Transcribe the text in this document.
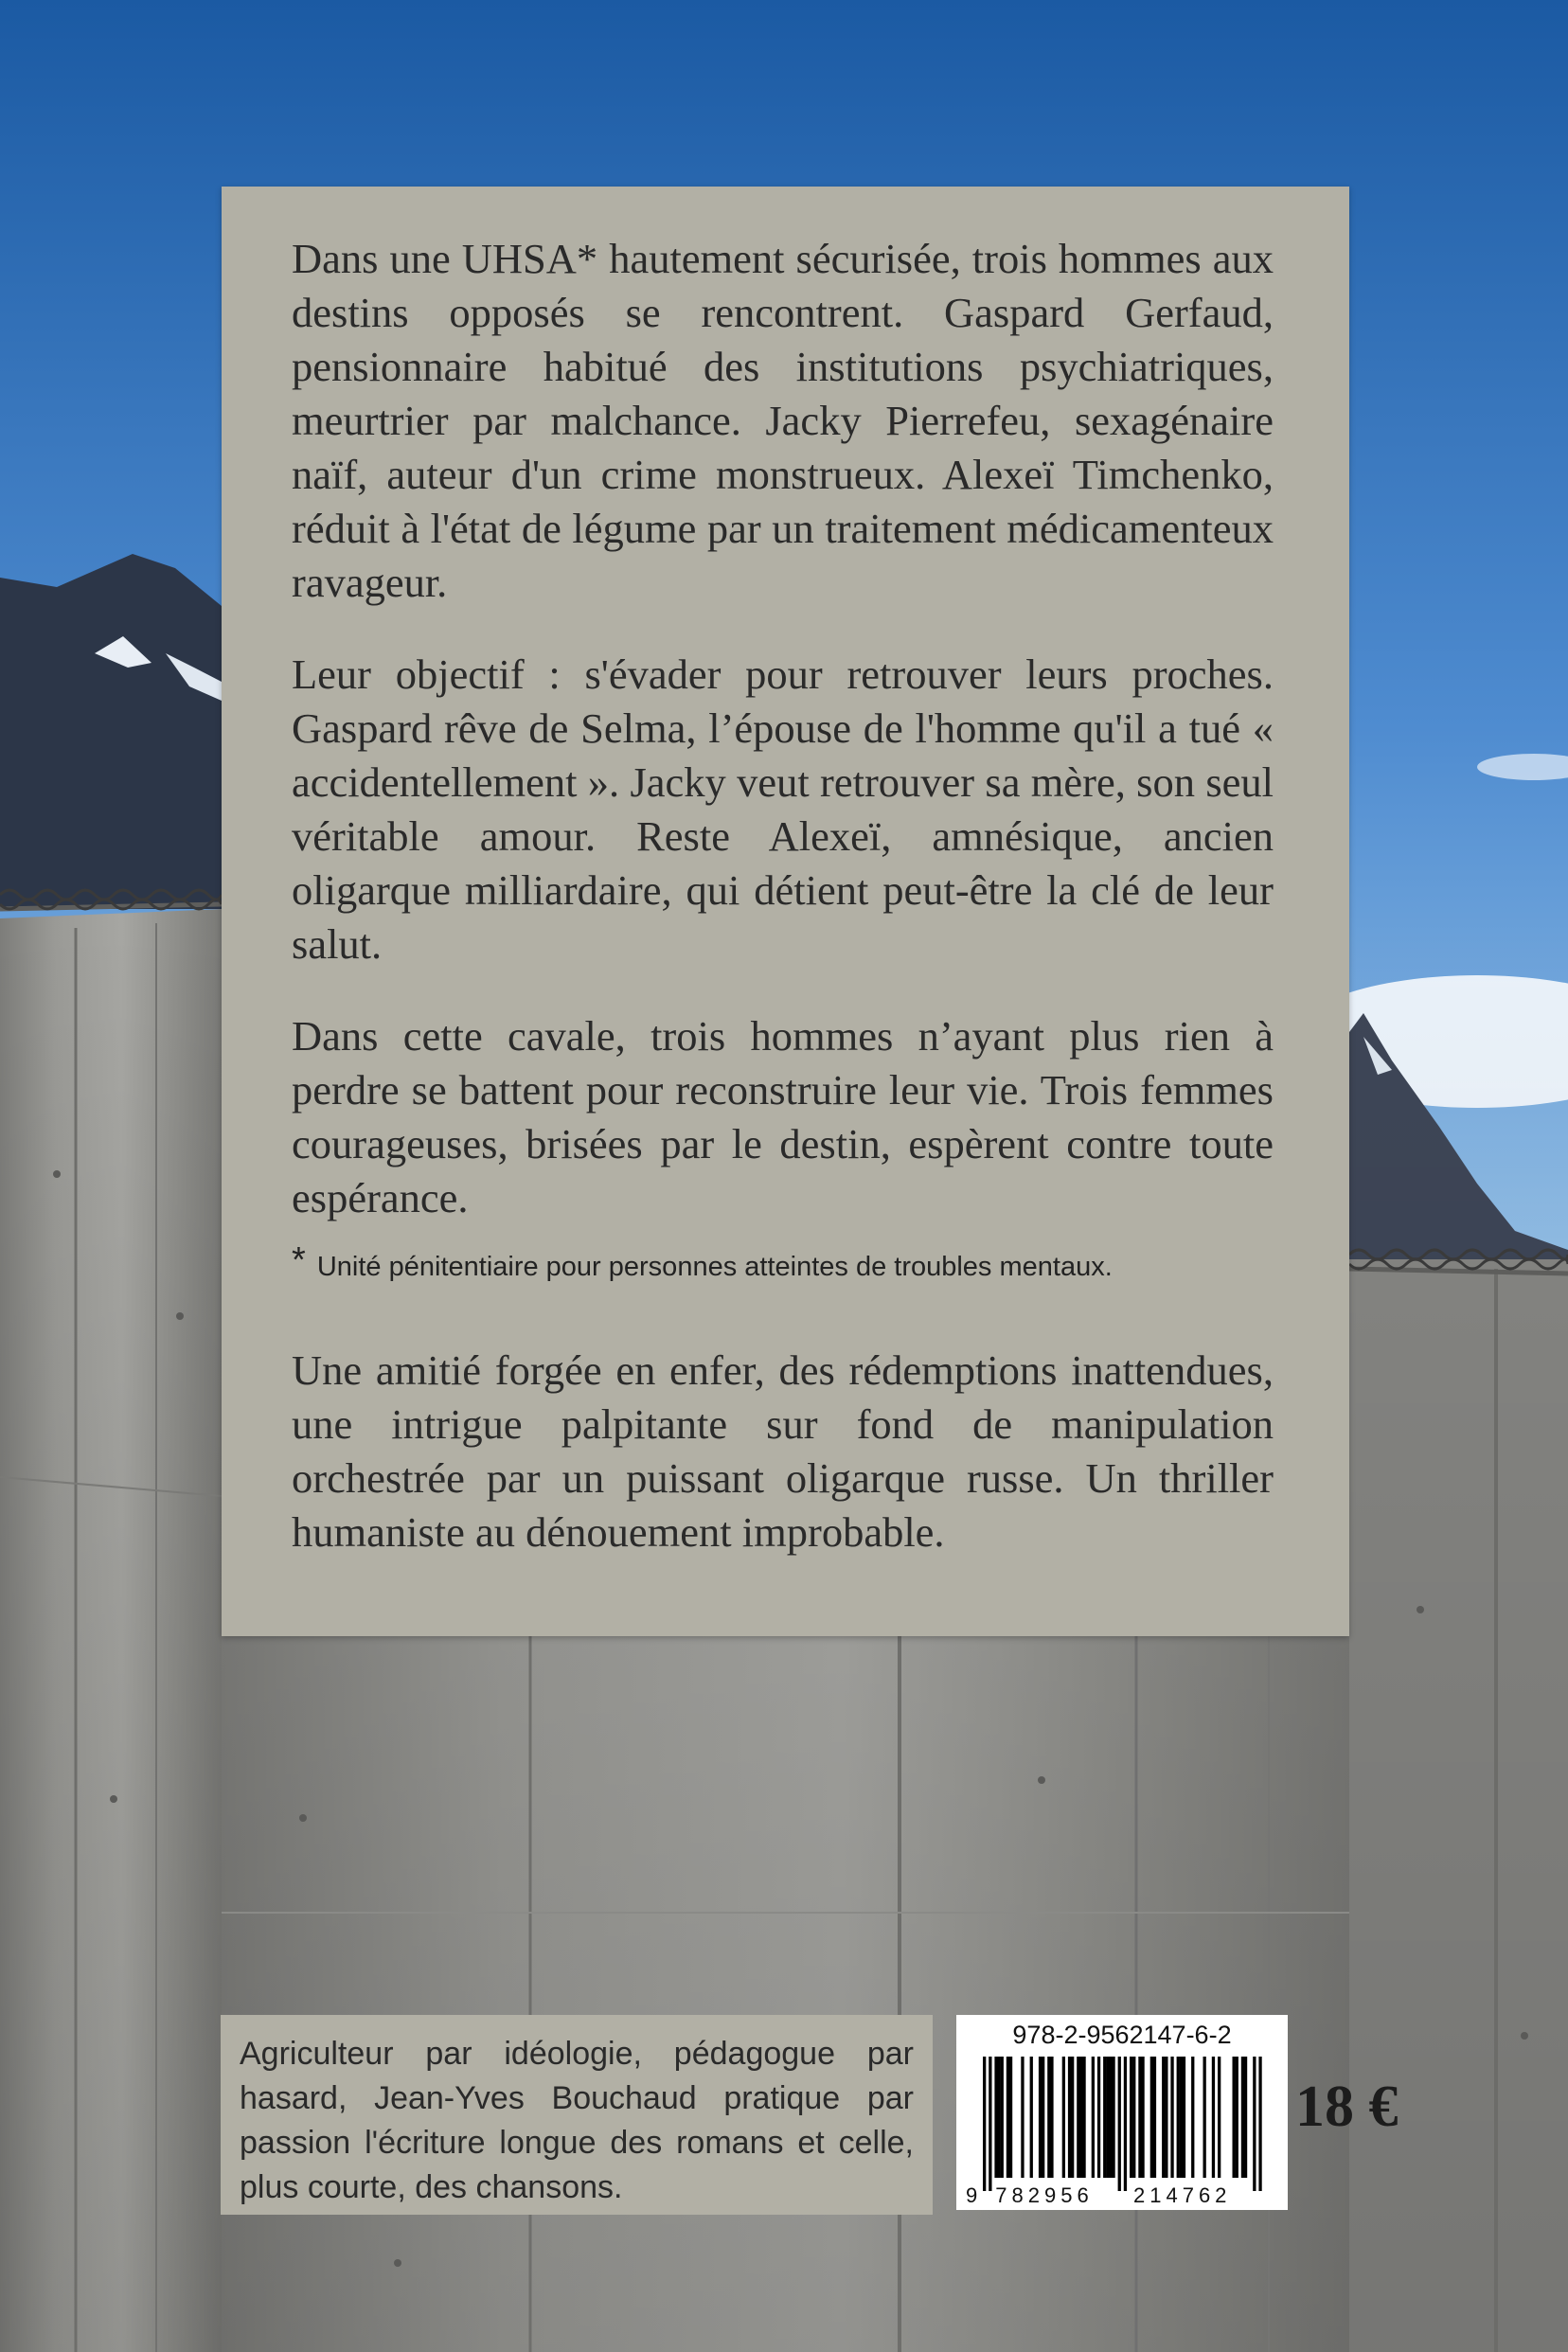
Dans une UHSA* hautement sécurisée, trois hommes aux destins opposés se rencontrent. Gaspard Gerfaud, pensionnaire habitué des institutions psychiatriques, meurtrier par malchance. Jacky Pierrefeu, sexagénaire naïf, auteur d'un crime monstrueux. Alexeï Timchenko, réduit à l'état de légume par un traitement médicamenteux ravageur.

Leur objectif : s'évader pour retrouver leurs proches. Gaspard rêve de Selma, l’épouse de l'homme qu'il a tué « accidentellement ». Jacky veut retrouver sa mère, son seul véritable amour. Reste Alexeï, amnésique, ancien oligarque milliardaire, qui détient peut-être la clé de leur salut.

Dans cette cavale, trois hommes n’ayant plus rien à perdre se battent pour reconstruire leur vie. Trois femmes courageuses, brisées par le destin, espèrent contre toute espérance.

* Unité pénitentiaire pour personnes atteintes de troubles mentaux.

Une amitié forgée en enfer, des rédemptions inattendues, une intrigue palpitante sur fond de manipulation orchestrée par un puissant oligarque russe. Un thriller humaniste au dénouement improbable.

Agriculteur par idéologie, pédagogue par hasard, Jean-Yves Bouchaud pratique par passion l'écriture longue des romans et celle, plus courte, des chansons.

978-2-9562147-6-2
9 782956 214762
18 €
